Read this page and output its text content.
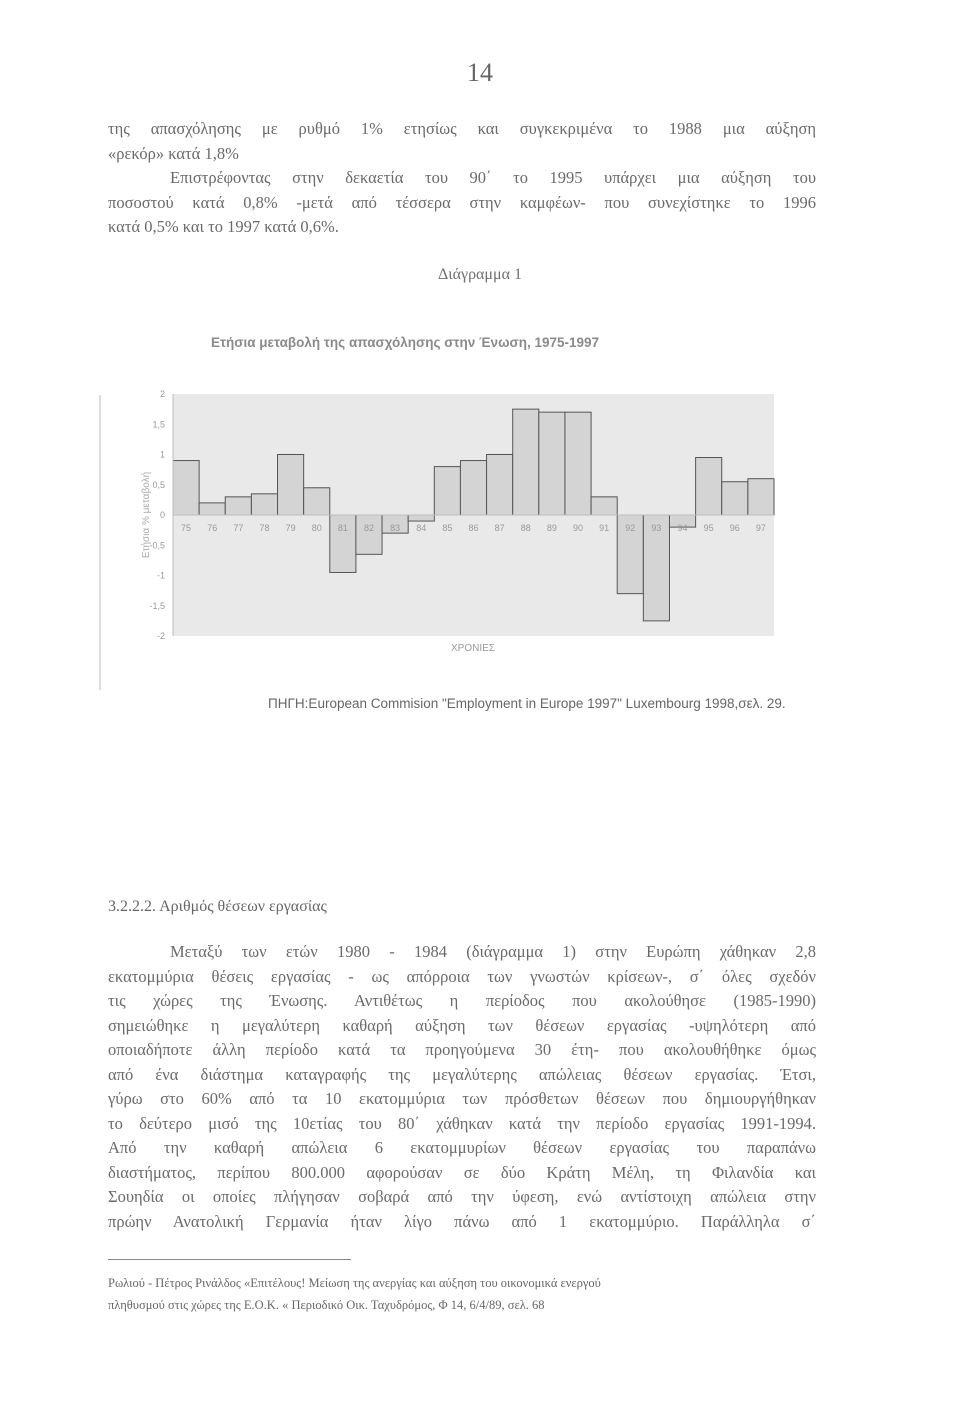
14
της απασχόλησης με ρυθμό 1% ετησίως και συγκεκριμένα το 1988 μια αύξηση
«ρεκόρ» κατά 1,8%
Επιστρέφοντας στην δεκαετία του 90΄ το 1995 υπάρχει μια αύξηση του
ποσοστού κατά 0,8% -μετά από τέσσερα στην καμφέων- που συνεχίστηκε το 1996
κατά 0,5% και το 1997 κατά 0,6%.
Διάγραμμα 1
Ετήσια μεταβολή της απασχόλησης στην Ένωση, 1975-1997
75 76 77 78 79 80 81 82 83 84 85 86 87 88 89 90 91 92 93 94 95 96 97
2
1,5
1
0,5
0
-0,5
-1
-1,5
-2
Ετήσια % μεταβολή
ΧΡΟΝΙΕΣ
ΠΗΓΗ:European Commision "Employment in Europe 1997" Luxembourg 1998,σελ. 29.
3.2.2.2. Αριθμός θέσεων εργασίας
Μεταξύ των ετών 1980 - 1984 (διάγραμμα 1) στην Ευρώπη χάθηκαν 2,8
εκατομμύρια θέσεις εργασίας - ως απόρροια των γνωστών κρίσεων-, σ΄ όλες σχεδόν
τις χώρες της Ένωσης. Αντιθέτως η περίοδος που ακολούθησε (1985-1990)
σημειώθηκε η μεγαλύτερη καθαρή αύξηση των θέσεων εργασίας -υψηλότερη από
οποιαδήποτε άλλη περίοδο κατά τα προηγούμενα 30 έτη- που ακολουθήθηκε όμως
από ένα διάστημα καταγραφής της μεγαλύτερης απώλειας θέσεων εργασίας. Έτσι,
γύρω στο 60% από τα 10 εκατομμύρια των πρόσθετων θέσεων που δημιουργήθηκαν
το δεύτερο μισό της 10ετίας του 80΄ χάθηκαν κατά την περίοδο εργασίας 1991-1994.
Από την καθαρή απώλεια 6 εκατομμυρίων θέσεων εργασίας του παραπάνω
διαστήματος, περίπου 800.000 αφορούσαν σε δύο Κράτη Μέλη, τη Φιλανδία και
Σουηδία οι οποίες πλήγησαν σοβαρά από την ύφεση, ενώ αντίστοιχη απώλεια στην
πρώην Ανατολική Γερμανία ήταν λίγο πάνω από 1 εκατομμύριο. Παράλληλα σ΄
Ρωλιού - Πέτρος Ρινάλδος «Επιτέλους! Μείωση της ανεργίας και αύξηση του οικονομικά ενεργού
πληθυσμού στις χώρες της Ε.Ο.Κ. « Περιοδικό Οικ. Ταχυδρόμος, Φ 14, 6/4/89, σελ. 68
